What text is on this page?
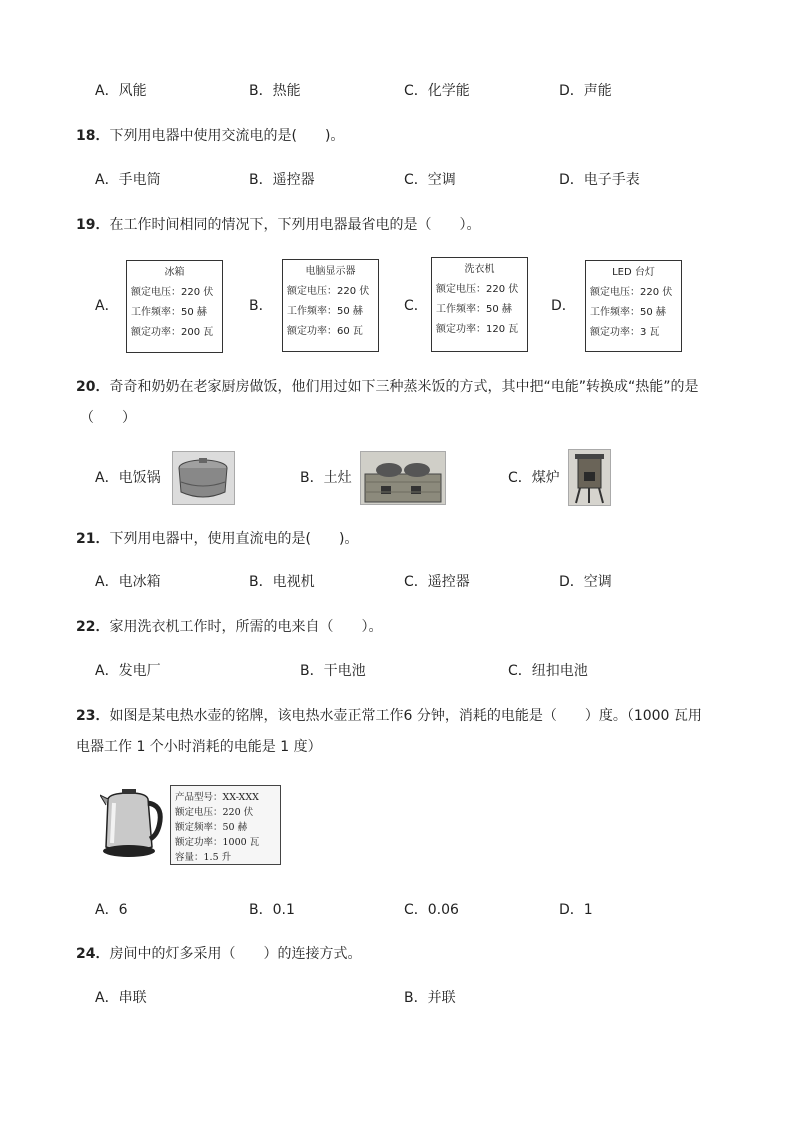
A．风能	B．热能	C．化学能	D．声能
18．下列用电器中使用交流电的是(　　)。
A．手电筒	B．遥控器	C．空调	D．电子手表
19．在工作时间相同的情况下，下列用电器最省电的是（　　）。
A．
冰箱
额定电压：220 伏
工作频率：50 赫
额定功率：200 瓦
B．
电脑显示器
额定电压：220 伏
工作频率：50 赫
额定功率：60 瓦
C．
洗衣机
额定电压：220 伏
工作频率：50 赫
额定功率：120 瓦
D．
LED 台灯
额定电压：220 伏
工作频率：50 赫
额定功率：3 瓦
20．奇奇和奶奶在老家厨房做饭，他们用过如下三种蒸米饭的方式，其中把“电能”转换成“热能”的是
（　　）
A．电饭锅	B．土灶	C．煤炉
21．下列用电器中，使用直流电的是(　　)。
A．电冰箱	B．电视机	C．遥控器	D．空调
22．家用洗衣机工作时，所需的电来自（　　）。
A．发电厂	B．干电池	C．纽扣电池
23．如图是某电热水壶的铭牌，该电热水壶正常工作6 分钟，消耗的电能是（　　）度。（1000 瓦用
电器工作 1 个小时消耗的电能是 1 度）
产品型号：XX-XXX
额定电压：220 伏
额定频率：50 赫
额定功率：1000 瓦
容量：1.5 升
A．6	B．0.1	C．0.06	D．1
24．房间中的灯多采用（　　）的连接方式。
A．串联	B．并联
